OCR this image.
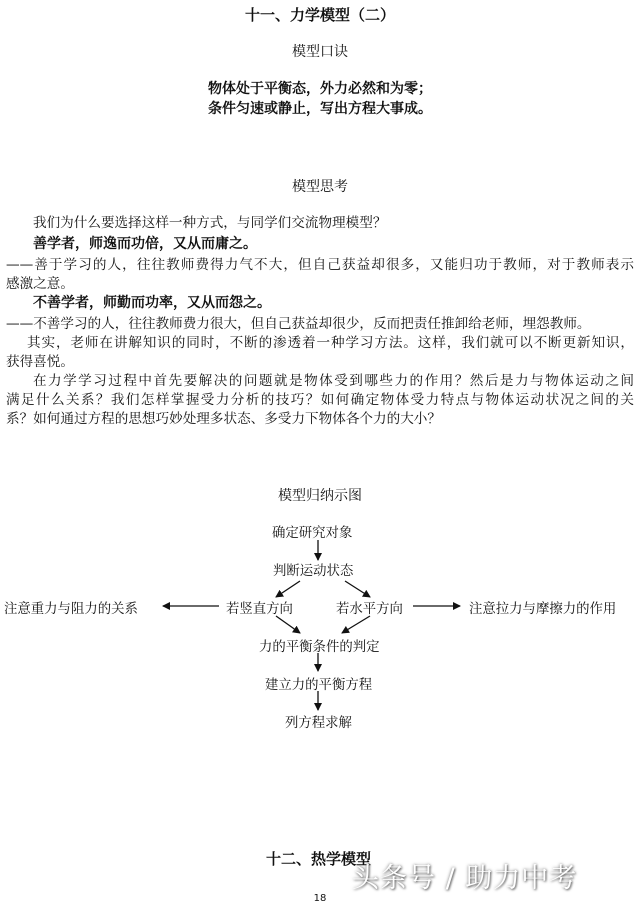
十一、力学模型（二）
模型口诀
物体处于平衡态，外力必然和为零；
条件匀速或静止，写出方程大事成。
模型思考
我们为什么要选择这样一种方式，与同学们交流物理模型？
善学者，师逸而功倍，又从而庸之。
——善于学习的人，往往教师费得力气不大，但自己获益却很多，又能归功于教师，对于教师表示
感激之意。
不善学者，师勤而功率，又从而怨之。
——不善学习的人，往往教师费力很大，但自己获益却很少，反而把责任推卸给老师，埋怨教师。
其实，老师在讲解知识的同时，不断的渗透着一种学习方法。这样，我们就可以不断更新知识，
获得喜悦。
在力学学习过程中首先要解决的问题就是物体受到哪些力的作用？然后是力与物体运动之间
满足什么关系？我们怎样掌握受力分析的技巧？如何确定物体受力特点与物体运动状况之间的关
系？如何通过方程的思想巧妙处理多状态、多受力下物体各个力的大小？
模型归纳示图
确定研究对象
判断运动状态
注意重力与阻力的关系	若竖直方向	若水平方向	注意拉力与摩擦力的作用
力的平衡条件的判定
建立力的平衡方程
列方程求解
十二、热学模型
头条号 / 助力中考
18
